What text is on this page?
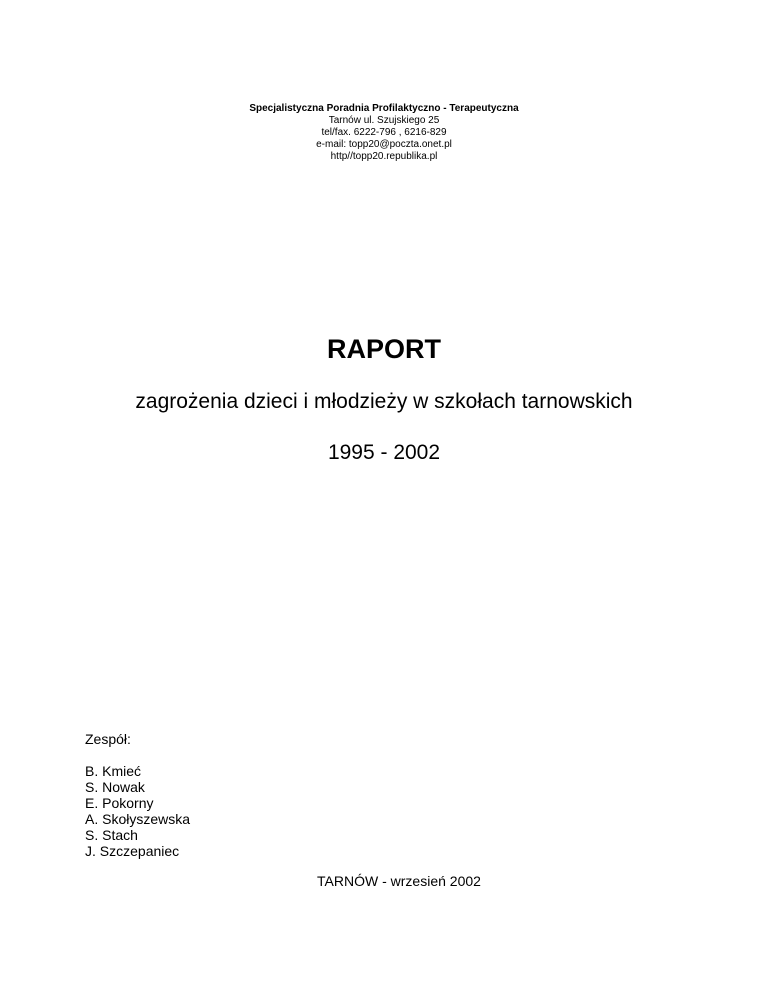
Specjalistyczna Poradnia Profilaktyczno - Terapeutyczna
Tarnów ul. Szujskiego 25
tel/fax. 6222-796 , 6216-829
e-mail: topp20@poczta.onet.pl
http//topp20.republika.pl
RAPORT
zagrożenia dzieci i młodzieży w szkołach tarnowskich
1995 - 2002
Zespół:
B. Kmieć
S. Nowak
E. Pokorny
A. Skołyszewska
S. Stach
J. Szczepaniec
TARNÓW - wrzesień 2002
